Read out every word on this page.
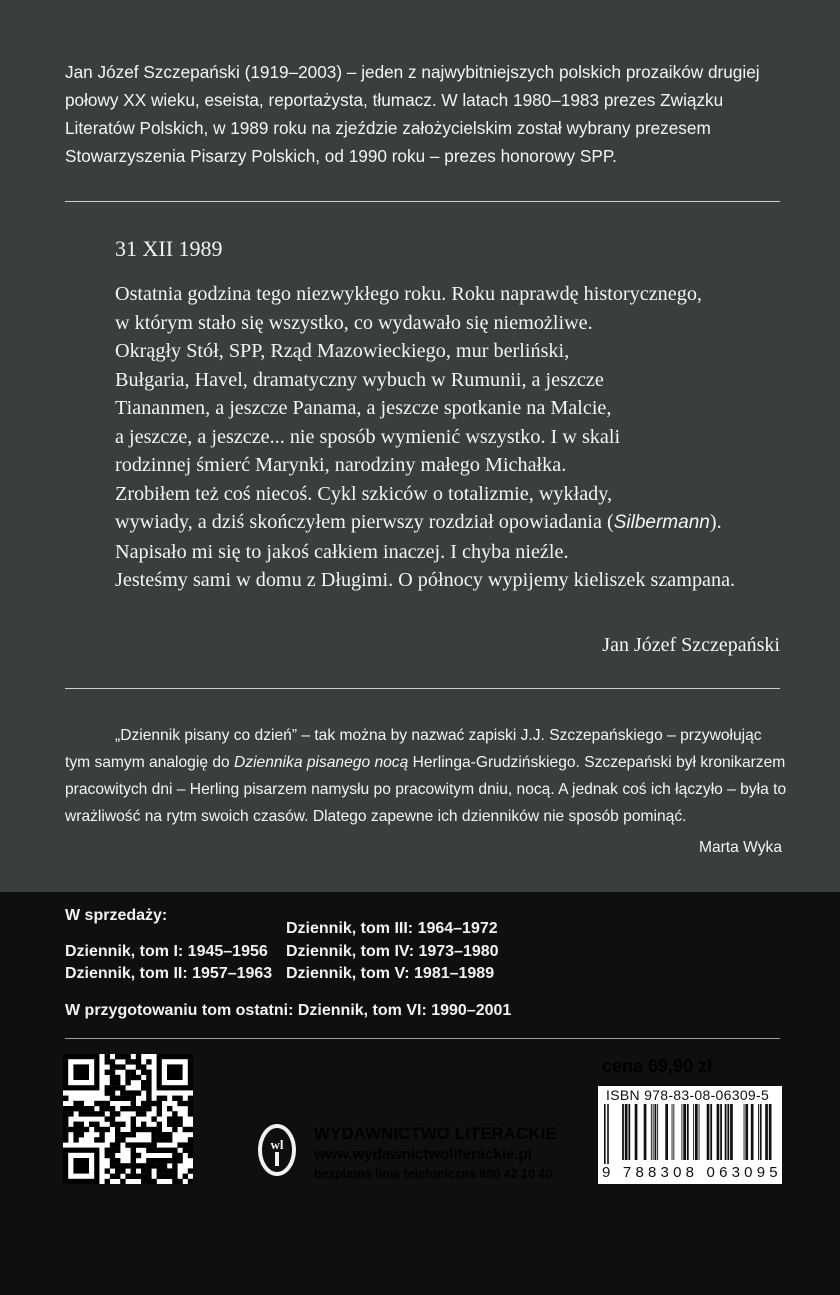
Jan Józef Szczepański (1919–2003) – jeden z najwybitniejszych polskich prozaików drugiej połowy XX wieku, eseista, reportażysta, tłumacz. W latach 1980–1983 prezes Związku Literatów Polskich, w 1989 roku na zjeździe założycielskim został wybrany prezesem Stowarzyszenia Pisarzy Polskich, od 1990 roku – prezes honorowy SPP.
31 XII 1989
Ostatnia godzina tego niezwykłego roku. Roku naprawdę historycznego,
w którym stało się wszystko, co wydawało się niemożliwe.
Okrągły Stół, SPP, Rząd Mazowieckiego, mur berliński,
Bułgaria, Havel, dramatyczny wybuch w Rumunii, a jeszcze
Tiananmen, a jeszcze Panama, a jeszcze spotkanie na Malcie,
a jeszcze, a jeszcze... nie sposób wymienić wszystko. I w skali
rodzinnej śmierć Marynki, narodziny małego Michałka.
Zrobiłem też coś niecoś. Cykl szkiców o totalizmie, wykłady,
wywiady, a dziś skończyłem pierwszy rozdział opowiadania (Silbermann).
Napisało mi się to jakoś całkiem inaczej. I chyba nieźle.
Jesteśmy sami w domu z Długimi. O północy wypijemy kieliszek szampana.
Jan Józef Szczepański
„Dziennik pisany co dzień” – tak można by nazwać zapiski J.J. Szczepańskiego – przywołując tym samym analogię do Dziennika pisanego nocą Herlinga-Grudzińskiego. Szczepański był kronikarzem pracowitych dni – Herling pisarzem namysłu po pracowitym dniu, nocą. A jednak coś ich łączyło – była to wrażliwość na rytm swoich czasów. Dlatego zapewne ich dzienników nie sposób pominąć.
Marta Wyka
W sprzedaży:
Dziennik, tom III: 1964–1972
Dziennik, tom I: 1945–1956 Dziennik, tom IV: 1973–1980
Dziennik, tom II: 1957–1963 Dziennik, tom V: 1981–1989
W przygotowaniu tom ostatni: Dziennik, tom VI: 1990–2001
wl
WYDAWNICTWO LITERACKIE
www.wydawnictwoliterackie.pl
bezpłatna linia telefoniczna 800 42 10 40
cena 69,90 zł
ISBN 978-83-08-06309-5
9 788308 063095
